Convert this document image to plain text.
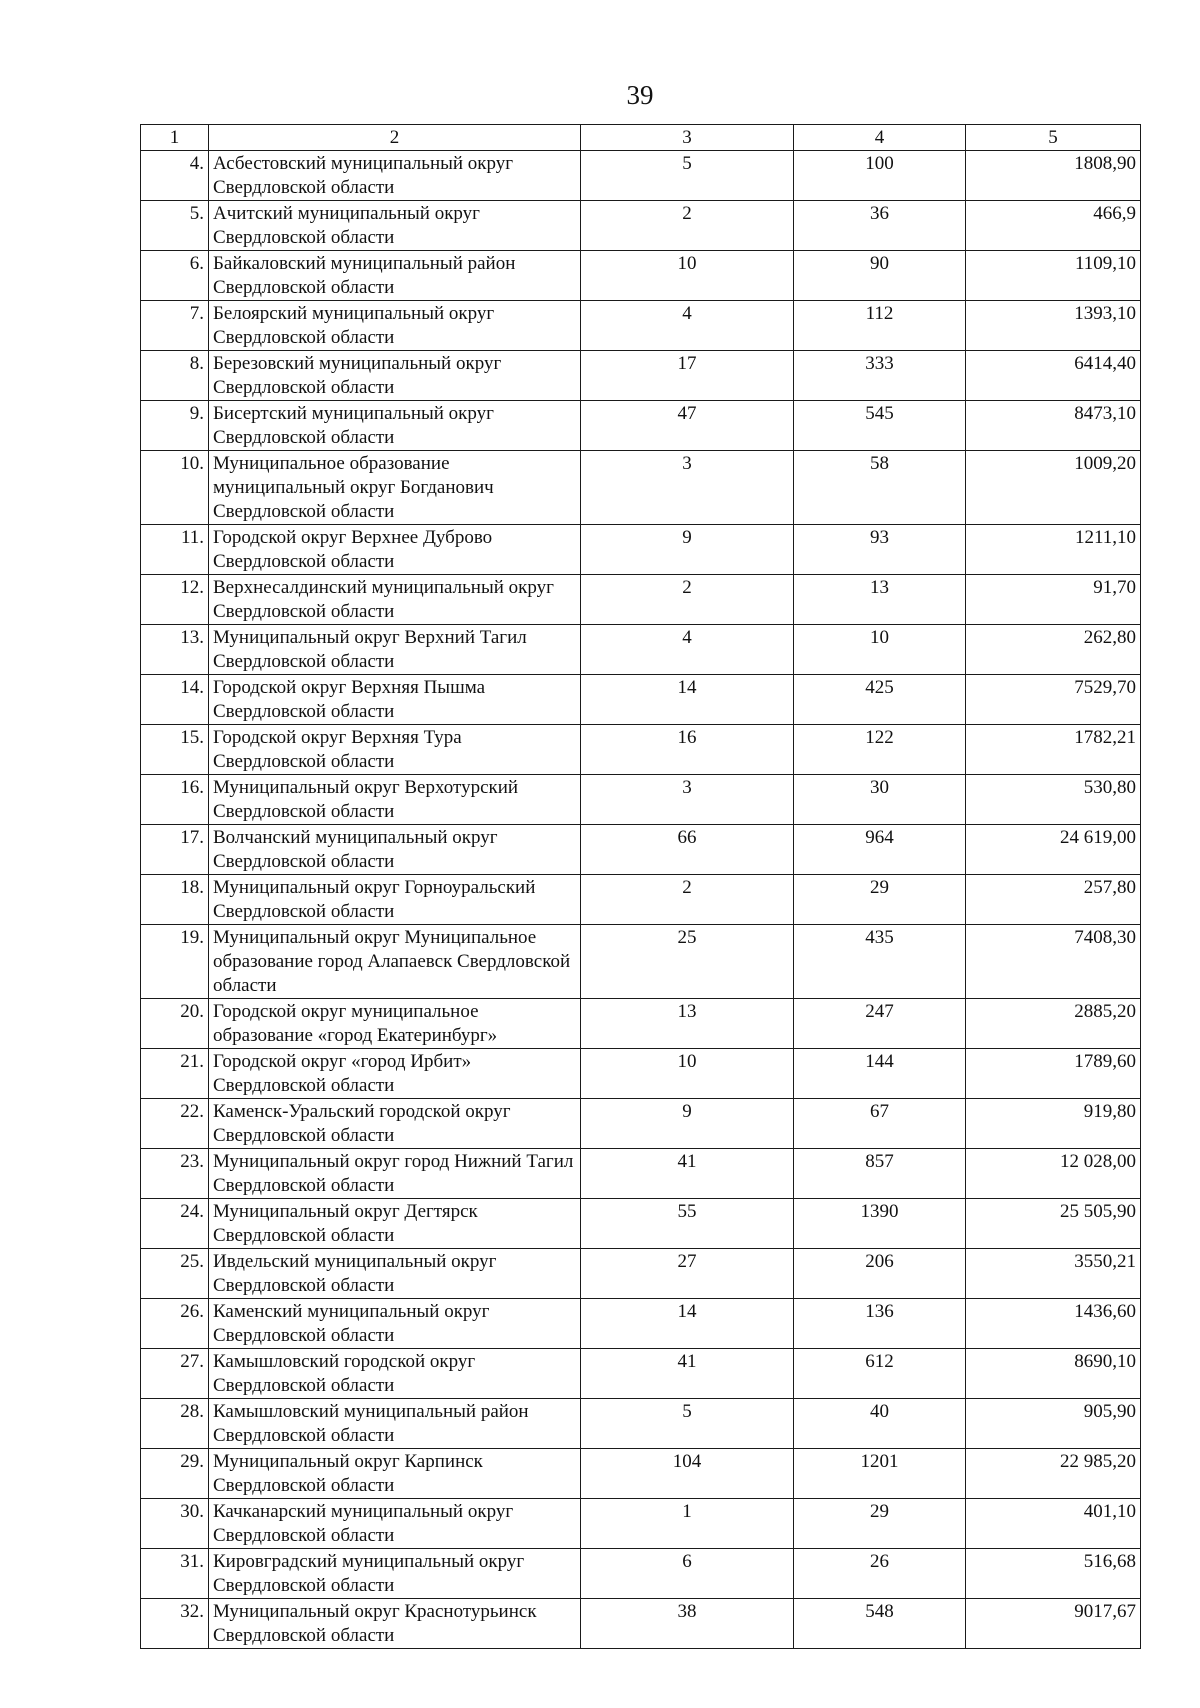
39
1	2	3	4	5
4.	Асбестовский муниципальный округ Свердловской области	5	100	1808,90
5.	Ачитский муниципальный округ Свердловской области	2	36	466,9
6.	Байкаловский муниципальный район Свердловской области	10	90	1109,10
7.	Белоярский муниципальный округ Свердловской области	4	112	1393,10
8.	Березовский муниципальный округ Свердловской области	17	333	6414,40
9.	Бисертский муниципальный округ Свердловской области	47	545	8473,10
10.	Муниципальное образование муниципальный округ Богданович Свердловской области	3	58	1009,20
11.	Городской округ Верхнее Дуброво Свердловской области	9	93	1211,10
12.	Верхнесалдинский муниципальный округ Свердловской области	2	13	91,70
13.	Муниципальный округ Верхний Тагил Свердловской области	4	10	262,80
14.	Городской округ Верхняя Пышма Свердловской области	14	425	7529,70
15.	Городской округ Верхняя Тура Свердловской области	16	122	1782,21
16.	Муниципальный округ Верхотурский Свердловской области	3	30	530,80
17.	Волчанский муниципальный округ Свердловской области	66	964	24 619,00
18.	Муниципальный округ Горноуральский Свердловской области	2	29	257,80
19.	Муниципальный округ Муниципальное образование город Алапаевск Свердловской области	25	435	7408,30
20.	Городской округ муниципальное образование «город Екатеринбург»	13	247	2885,20
21.	Городской округ «город Ирбит» Свердловской области	10	144	1789,60
22.	Каменск-Уральский городской округ Свердловской области	9	67	919,80
23.	Муниципальный округ город Нижний Тагил Свердловской области	41	857	12 028,00
24.	Муниципальный округ Дегтярск Свердловской области	55	1390	25 505,90
25.	Ивдельский муниципальный округ Свердловской области	27	206	3550,21
26.	Каменский муниципальный округ Свердловской области	14	136	1436,60
27.	Камышловский городской округ Свердловской области	41	612	8690,10
28.	Камышловский муниципальный район Свердловской области	5	40	905,90
29.	Муниципальный округ Карпинск Свердловской области	104	1201	22 985,20
30.	Качканарский муниципальный округ Свердловской области	1	29	401,10
31.	Кировградский муниципальный округ Свердловской области	6	26	516,68
32.	Муниципальный округ Краснотурьинск Свердловской области	38	548	9017,67
